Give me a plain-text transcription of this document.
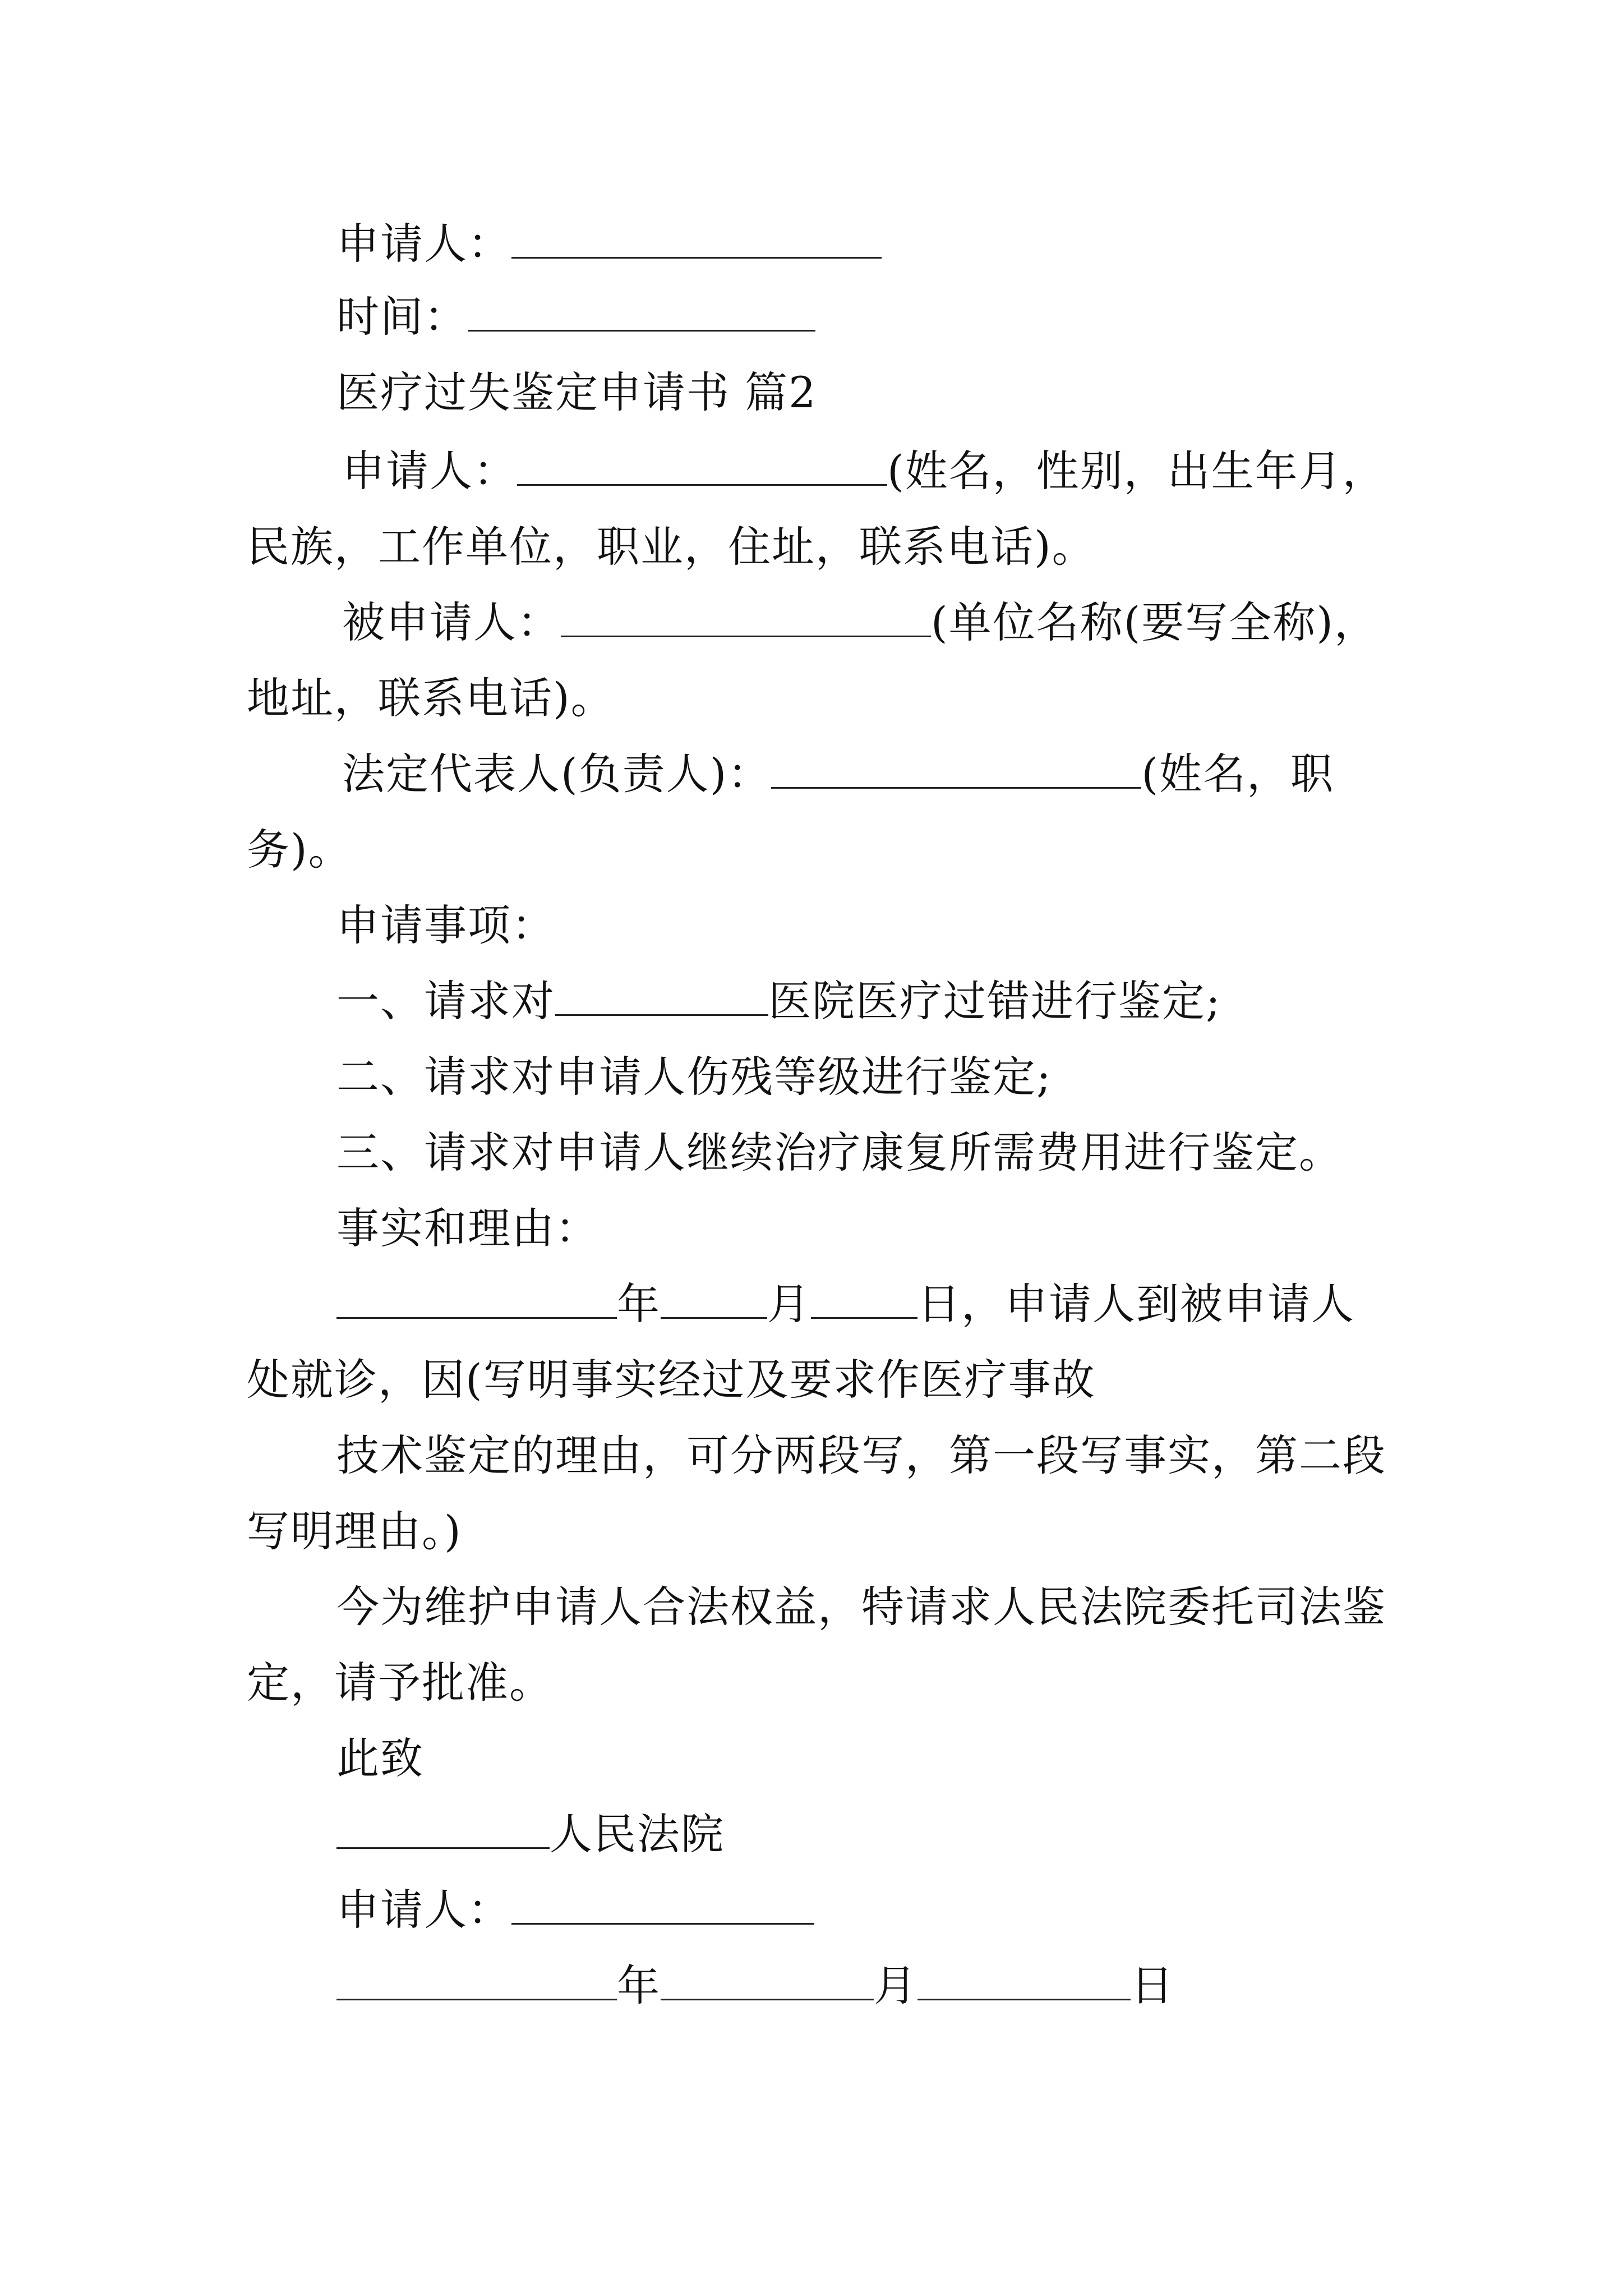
申请人：
时间：
医疗过失鉴定申请书 篇2
申请人：	(姓名，性别，出生年月，
民族，工作单位，职业，住址，联系电话)。
被申请人：	(单位名称(要写全称)，
地址，联系电话)。
法定代表人(负责人)：	(姓名，职
务)。
申请事项：
一、请求对	医院医疗过错进行鉴定;
二、请求对申请人伤残等级进行鉴定;
三、请求对申请人继续治疗康复所需费用进行鉴定。
事实和理由：
年	月	日，申请人到被申请人
处就诊，因(写明事实经过及要求作医疗事故
技术鉴定的理由，可分两段写，第一段写事实，第二段
写明理由。)
今为维护申请人合法权益，特请求人民法院委托司法鉴
定，请予批准。
此致
人民法院
申请人：
年	月	日
